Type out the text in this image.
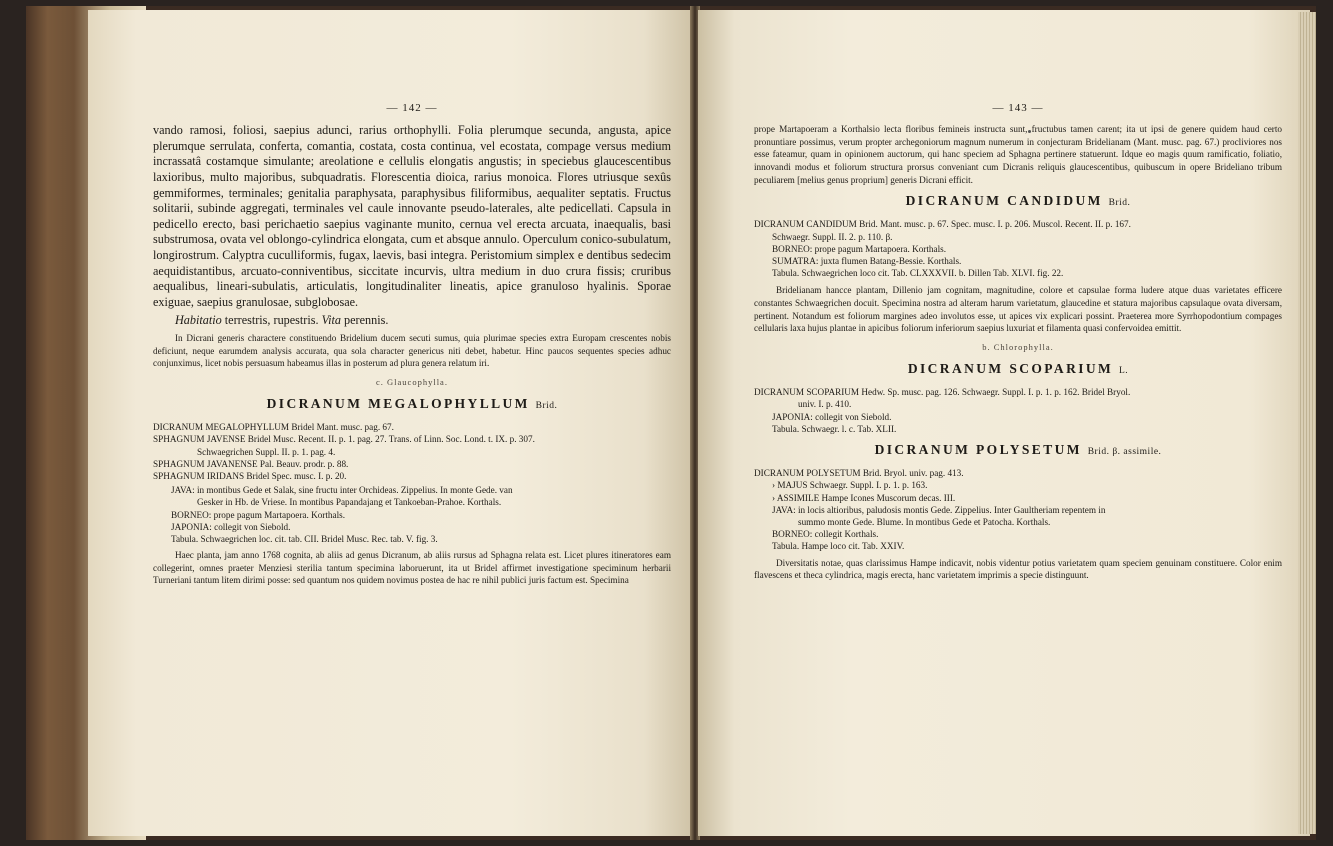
— 142 —

vando ramosi, foliosi, saepius adunci, rarius orthophylli. Folia plerumque secunda, angusta, apice plerumque serrulata, conferta, comantia, costata, costa continua, vel ecostata, compage versus medium incrassatâ costamque simulante; areolatione e cellulis elongatis angustis; in speciebus glaucescentibus laxioribus, multo majoribus, subquadratis. Florescentia dioica, rarius monoica. Flores utriusque sexûs gemmiformes, terminales; genitalia paraphysata, paraphysibus filiformibus, aequaliter septatis. Fructus solitarii, subinde aggregati, terminales vel caule innovante pseudo-laterales, alte pedicellati. Capsula in pedicello erecto, basi perichaetio saepius vaginante munito, cernua vel erecta arcuata, inaequalis, basi substrumosa, ovata vel oblongo-cylindrica elongata, cum et absque annulo. Operculum conico-subulatum, longirostrum. Calyptra cuculliformis, fugax, laevis, basi integra. Peristomium simplex e dentibus sedecim aequidistantibus, arcuato-conniventibus, siccitate incurvis, ultra medium in duo crura fissis; cruribus aequalibus, lineari-subulatis, articulatis, longitudinaliter lineatis, apice granuloso hyalinis. Sporae exiguae, saepius granulosae, subglobosae.

Habitatio terrestris, rupestris. Vita perennis.

In Dicrani generis charactere constituendo Bridelium ducem secuti sumus, quia plurimae species extra Europam crescentes nobis deficiunt, neque earumdem analysis accurata, qua sola character genericus niti debet, habetur. Hinc paucos sequentes species adhuc conjunximus, licet nobis persuasum habeamus illas in posterum ad plura genera relatum iri.

c. Glaucophylla.
DICRANUM MEGALOPHYLLUM Brid.

DICRANUM MEGALOPHYLLUM Bridel Mant. musc. pag. 67.

SPHAGNUM JAVENSE Bridel Musc. Recent. II. p. 1. pag. 27. Trans. of Linn. Soc. Lond. t. IX. p. 307.

Schwaegrichen Suppl. II. p. 1. pag. 4.

SPHAGNUM JAVANENSE Pal. Beauv. prodr. p. 88.

SPHAGNUM IRIDANS Bridel Spec. musc. I. p. 20.

JAVA: in montibus Gede et Salak, sine fructu inter Orchideas. Zippelius. In monte Gede. van

Gesker in Hb. de Vriese. In montibus Papandajang et Tankoeban-Prahoe. Korthals.

BORNEO: prope pagum Martapoera. Korthals.

JAPONIA: collegit von Siebold.

Tabula. Schwaegrichen loc. cit. tab. CII. Bridel Musc. Rec. tab. V. fig. 3.

Haec planta, jam anno 1768 cognita, ab aliis ad genus Dicranum, ab aliis rursus ad Sphagna relata est. Licet plures itineratores eam collegerint, omnes praeter Menziesi sterilia tantum specimina laboruerunt, ita ut Bridel affirmet investigatione speciminum herbarii Turneriani tantum litem dirimi posse: sed quantum nos quidem novimus postea de hac re nihil publici juris factum est. Specimina

— 143 —

prope Martapoeram a Korthalsio lecta floribus femineis instructa sunt, fructubus tamen carent; ita ut ipsi de genere quidem haud certo pronuntiare possimus, verum propter archegoniorum magnum numerum in conjecturam Bridelianam (Mant. musc. pag. 67.) procliviores nos esse fateamur, quam in opinionem auctorum, qui hanc speciem ad Sphagna pertinere statuerunt. Idque eo magis quum ramificatio, foliatio, innovandi modus et foliorum structura prorsus conveniant cum Dicranis reliquis glaucescentibus, quibuscum in opere Brideliano tribum peculiarem [melius genus proprium] generis Dicrani efficit.

DICRANUM CANDIDUM Brid.

DICRANUM CANDIDUM Brid. Mant. musc. p. 67. Spec. musc. I. p. 206. Muscol. Recent. II. p. 167.

Schwaegr. Suppl. II. 2. p. 110. β.

BORNEO: prope pagum Martapoera. Korthals.

SUMATRA: juxta flumen Batang-Bessie. Korthals.

Tabula. Schwaegrichen loco cit. Tab. CLXXXVII. b. Dillen Tab. XLVI. fig. 22.

Bridelianam hancce plantam, Dillenio jam cognitam, magnitudine, colore et capsulae forma ludere atque duas varietates efficere constantes Schwaegrichen docuit. Specimina nostra ad alteram harum varietatum, glaucedine et statura majoribus capsulaque ovata diversam, pertinent. Notandum est foliorum margines adeo involutos esse, ut apices vix explicari possint. Praeterea more Syrrhopodontium compages cellularis laxa hujus plantae in apicibus foliorum inferiorum saepius luxuriat et filamenta quasi confervoidea emittit.

b. Chlorophylla.
DICRANUM SCOPARIUM L.

DICRANUM SCOPARIUM Hedw. Sp. musc. pag. 126. Schwaegr. Suppl. I. p. 1. p. 162. Bridel Bryol.

univ. I. p. 410.

JAPONIA: collegit von Siebold.

Tabula. Schwaegr. l. c. Tab. XLII.

DICRANUM POLYSETUM Brid. β. assimile.

DICRANUM POLYSETUM Brid. Bryol. univ. pag. 413.

› MAJUS Schwaegr. Suppl. I. p. 1. p. 163.

› ASSIMILE Hampe Icones Muscorum decas. III.

JAVA: in locis altioribus, paludosis montis Gede. Zippelius. Inter Gaultheriam repentem in

summo monte Gede. Blume. In montibus Gede et Patocha. Korthals.

BORNEO: collegit Korthals.

Tabula. Hampe loco cit. Tab. XXIV.

Diversitatis notae, quas clarissimus Hampe indicavit, nobis videntur potius varietatem quam speciem genuinam constituere. Color enim flavescens et theca cylindrica, magis erecta, hanc varietatem imprimis a specie distinguunt.
